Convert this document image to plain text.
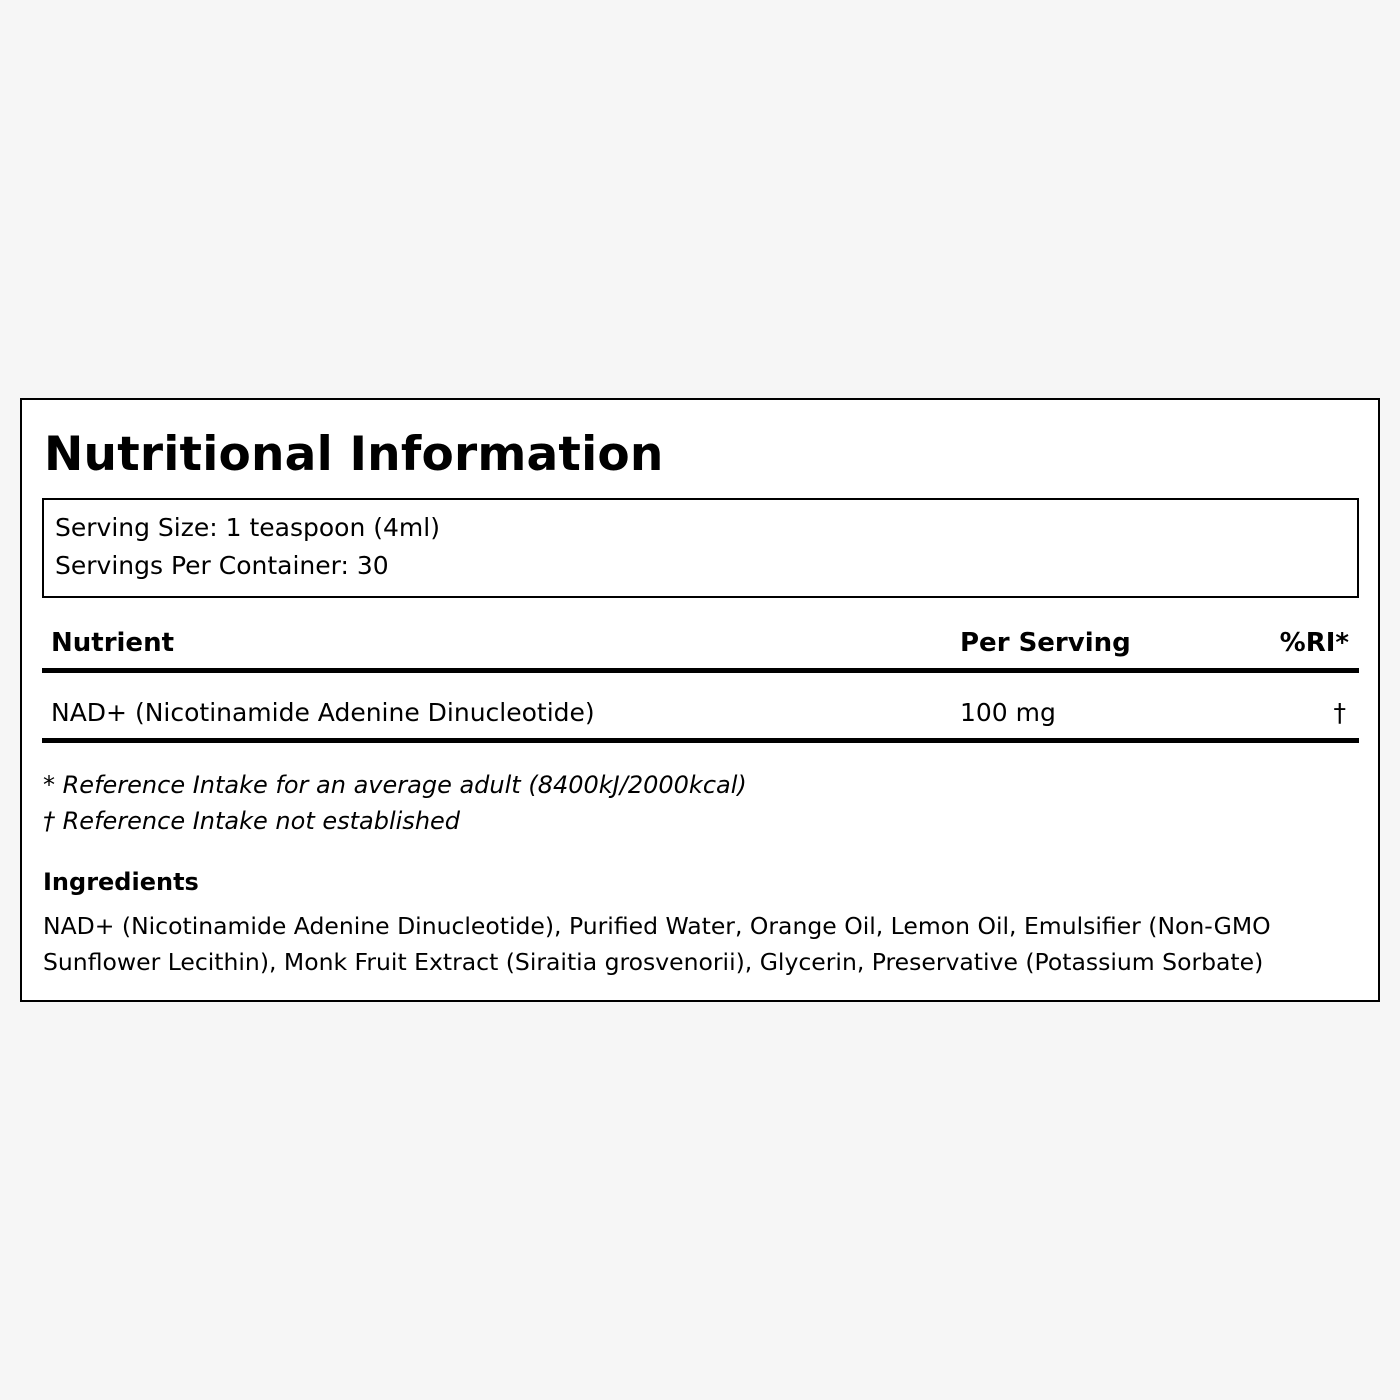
Nutritional Information
Serving Size: 1 teaspoon (4ml)
Servings Per Container: 30
Nutrient	Per Serving	%RI*
NAD+ (Nicotinamide Adenine Dinucleotide)	100 mg	†
* Reference Intake for an average adult (8400kJ/2000kcal)
† Reference Intake not established
Ingredients
NAD+ (Nicotinamide Adenine Dinucleotide), Purified Water, Orange Oil, Lemon Oil, Emulsifier (Non-GMO Sunflower Lecithin), Monk Fruit Extract (Siraitia grosvenorii), Glycerin, Preservative (Potassium Sorbate)
